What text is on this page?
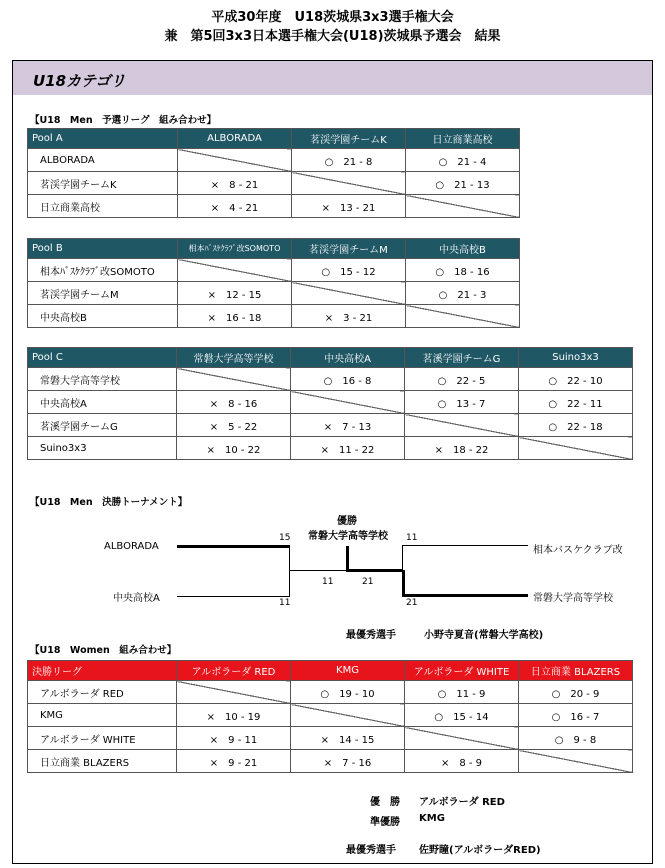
平成30年度　U18茨城県3x3選手権大会
兼　第5回3x3日本選手権大会(U18)茨城県予選会　結果
U18カテゴリ
【U18　Men　予選リーグ　組み合わせ】
Pool A	ALBORADA	茗渓学園チームK	日立商業高校
ALBORADA		○　21 - 8	○　21 - 4
茗渓学園チームK	×　8 - 21		○　21 - 13
日立商業高校	×　4 - 21	×　13 - 21	
Pool B	相本ﾊﾞｽｹｸﾗﾌﾞ改SOMOTO	茗渓学園チームM	中央高校B
相本ﾊﾞｽｹｸﾗﾌﾞ改SOMOTO		○　15 - 12	○　18 - 16
茗渓学園チームM	×　12 - 15		○　21 - 3
中央高校B	×　16 - 18	×　3 - 21	
Pool C	常磐大学高等学校	中央高校A	茗溪学園チームG	Suino3x3
常磐大学高等学校		○　16 - 8	○　22 - 5	○　22 - 10
中央高校A	×　8 - 16		○　13 - 7	○　22 - 11
茗溪学園チームG	×　5 - 22	×　7 - 13		○　22 - 18
Suino3x3	×　10 - 22	×　11 - 22	×　18 - 22	
【U18　Men　決勝トーナメント】
優勝
常磐大学高等学校
ALBORADA
中央高校A
相本バスケクラブ改
常磐大学高等学校
15
11
11
21
11	21
最優秀選手	小野寺夏音(常磐大学高校)
【U18　Women　組み合わせ】
決勝リーグ	アルボラーダ RED	KMG	アルボラーダ WHITE	日立商業 BLAZERS
アルボラーダ RED		○　19 - 10	○　11 - 9	○　20 - 9
KMG	×　10 - 19		○　15 - 14	○　16 - 7
アルボラーダ WHITE	×　9 - 11	×　14 - 15		○　9 - 8
日立商業 BLAZERS	×　9 - 21	×　7 - 16	×　8 - 9	
優　勝 アルボラーダ RED
準優勝 KMG
最優秀選手 佐野瞳(アルボラーダRED)
